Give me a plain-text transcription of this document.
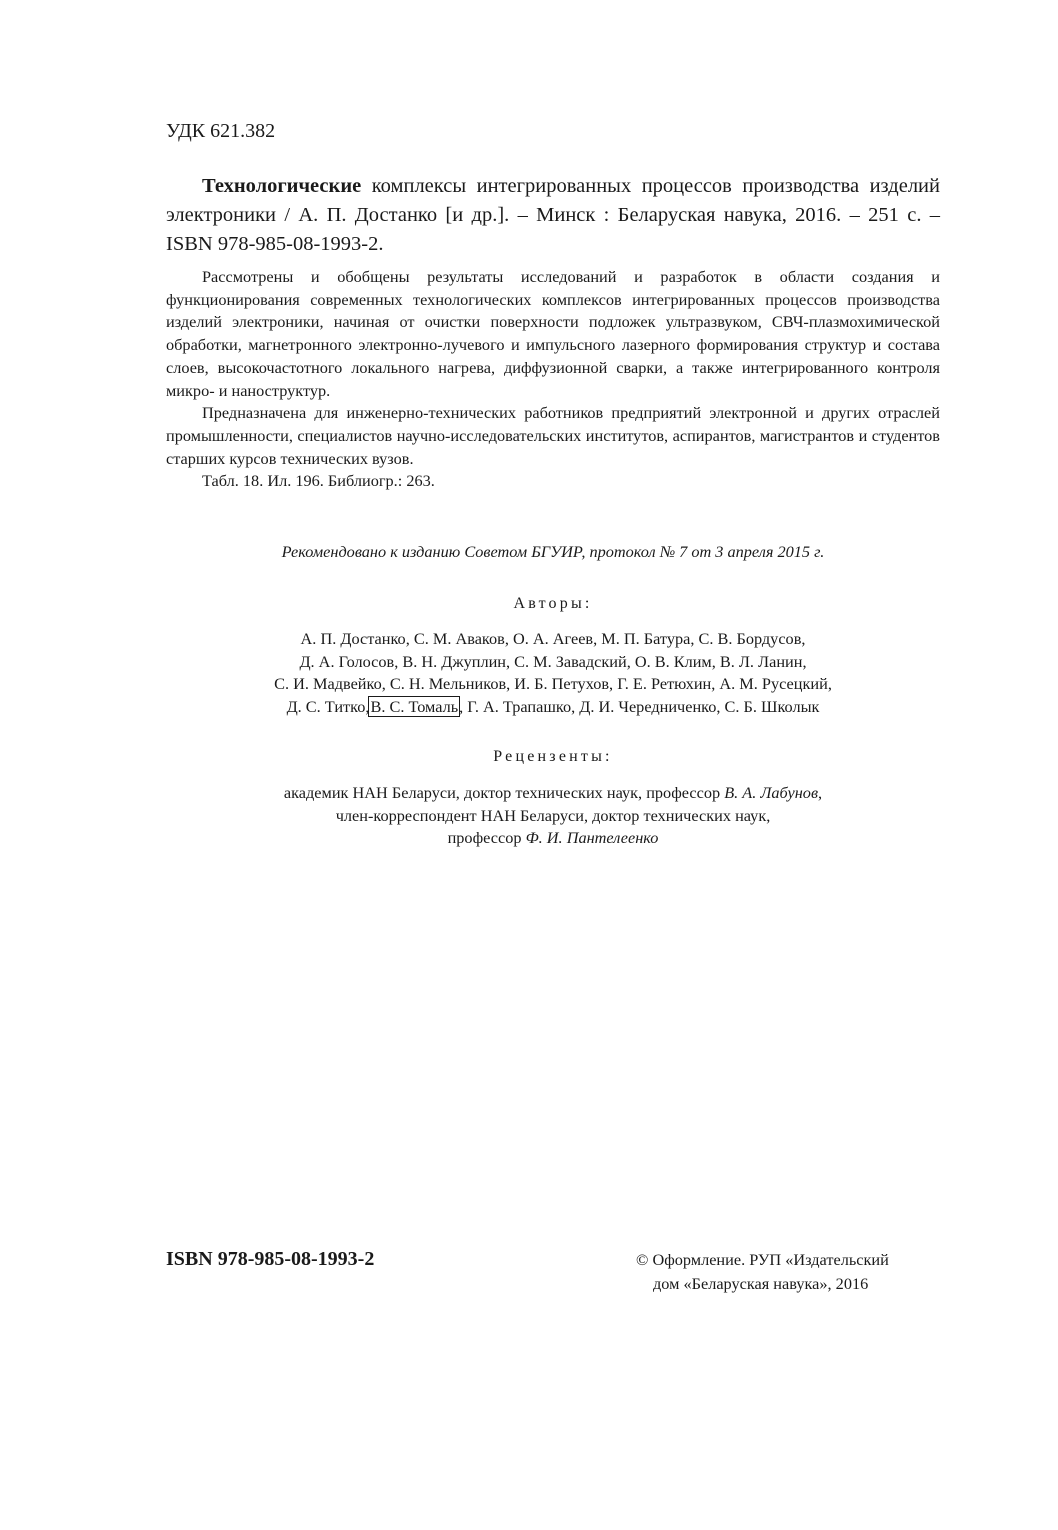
УДК 621.382
Технологические комплексы интегрированных процессов производства изделий электроники / А. П. Достанко [и др.]. – Минск : Беларуская навука, 2016. – 251 с. – ISBN 978-985-08-1993-2.

Рассмотрены и обобщены результаты исследований и разработок в области создания и функционирования современных технологических комплексов интегрированных процессов производства изделий электроники, начиная от очистки поверхности подложек ультразвуком, СВЧ-плазмохимической обработки, магнетронного электронно-лучевого и импульсного лазерного формирования структур и состава слоев, высокочастотного локального нагрева, диффузионной сварки, а также интегрированного контроля микро- и наноструктур.

Предназначена для инженерно-технических работников предприятий электронной и других отраслей промышленности, специалистов научно-исследовательских институтов, аспирантов, магистрантов и студентов старших курсов технических вузов.

Табл. 18. Ил. 196. Библиогр.: 263.

Рекомендовано к изданию Советом БГУИР, протокол № 7 от 3 апреля 2015 г.
Авторы:
А. П. Достанко, С. М. Аваков, О. А. Агеев, М. П. Батура, С. В. Бордусов,
Д. А. Голосов, В. Н. Джуплин, С. М. Завадский, О. В. Клим, В. Л. Ланин,
С. И. Мадвейко, С. Н. Мельников, И. Б. Петухов, Г. Е. Ретюхин, А. М. Русецкий,
Д. С. Титко,В. С. Томаль, Г. А. Трапашко, Д. И. Чередниченко, С. Б. Школык
Рецензенты:
академик НАН Беларуси, доктор технических наук, профессор В. А. Лабунов,
член-корреспондент НАН Беларуси, доктор технических наук,
профессор Ф. И. Пантелеенко
ISBN 978-985-08-1993-2	© Оформление. РУП «Издательский
дом «Беларуская навука», 2016
